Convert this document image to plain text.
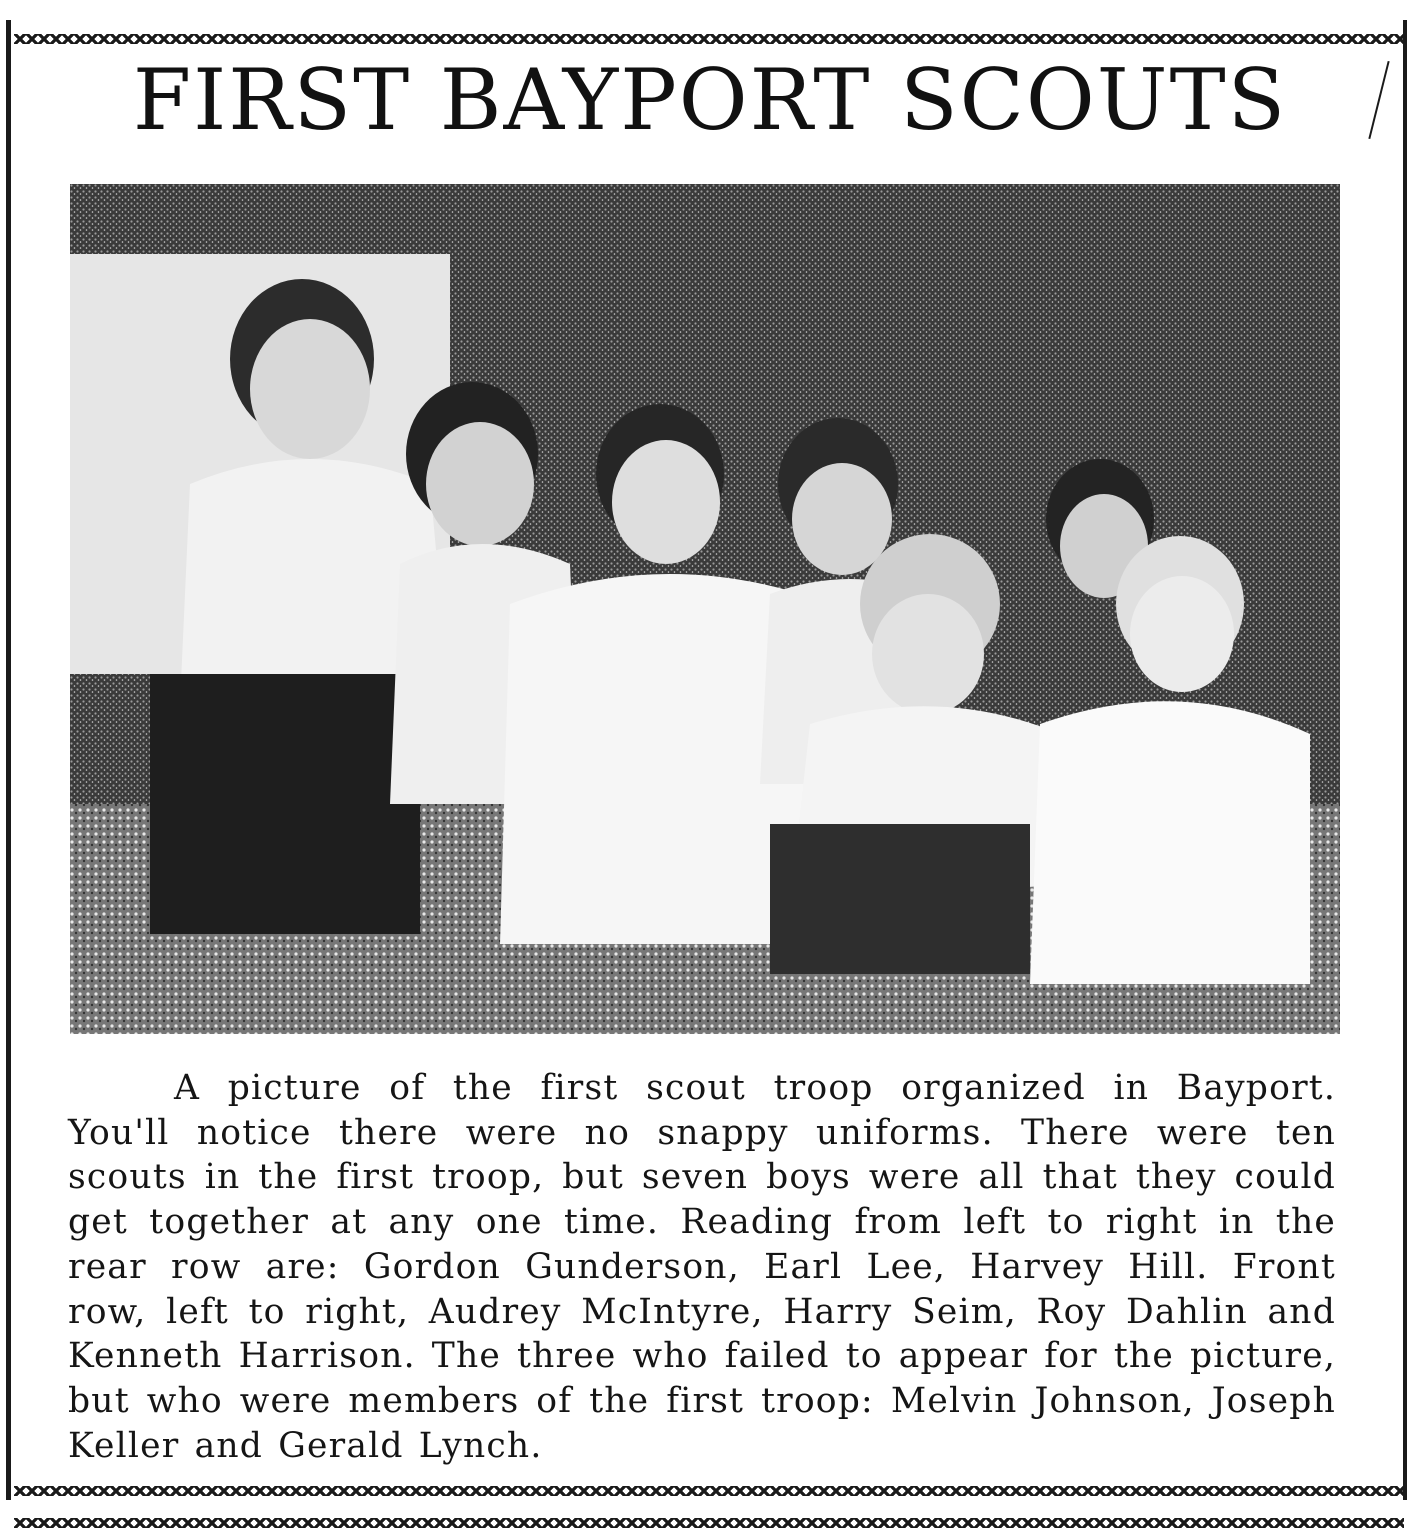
FIRST BAYPORT SCOUTS

A picture of the first scout troop organized in Bayport. You'll notice there were no snappy uniforms. There were ten scouts in the first troop, but seven boys were all that they could get together at any one time. Reading from left to right in the rear row are: Gordon Gunderson, Earl Lee, Harvey Hill. Front row, left to right, Audrey McIntyre, Harry Seim, Roy Dahlin and Kenneth Harrison. The three who failed to appear for the picture, but who were members of the first troop: Melvin Johnson, Joseph Keller and Gerald Lynch.
